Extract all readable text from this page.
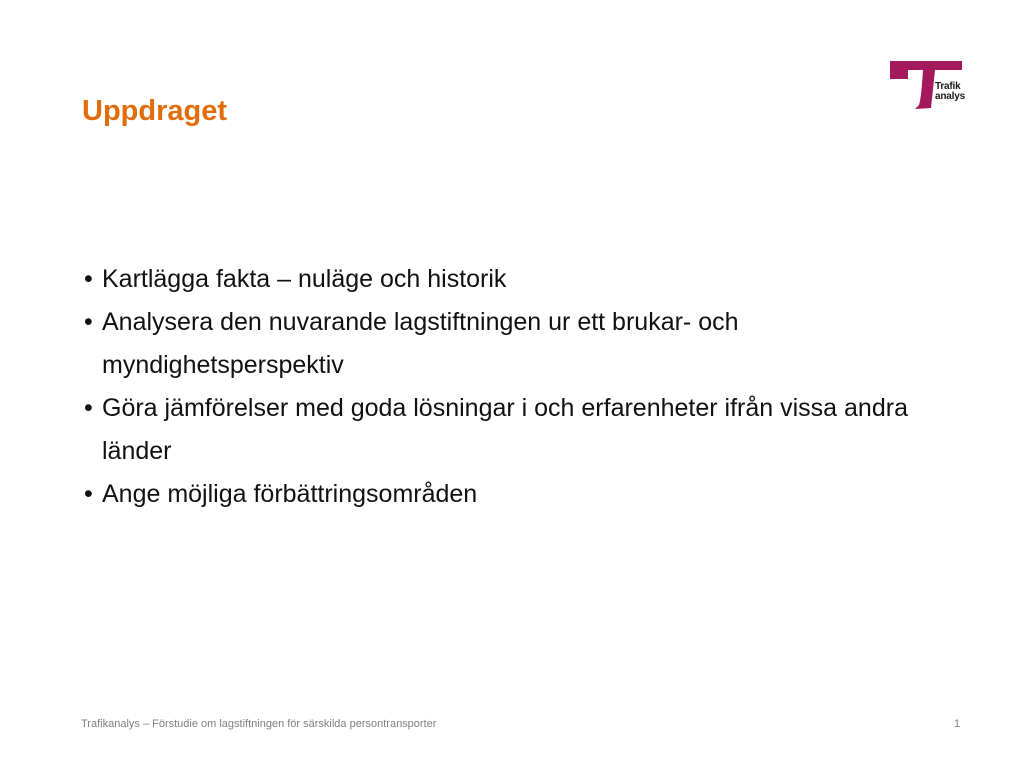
Uppdraget
Trafik
analys
• Kartlägga fakta – nuläge och historik
• Analysera den nuvarande lagstiftningen ur ett brukar- och myndighetsperspektiv
• Göra jämförelser med goda lösningar i och erfarenheter ifrån vissa andra länder
• Ange möjliga förbättringsområden
Trafikanalys – Förstudie om lagstiftningen för särskilda persontransporter	1
